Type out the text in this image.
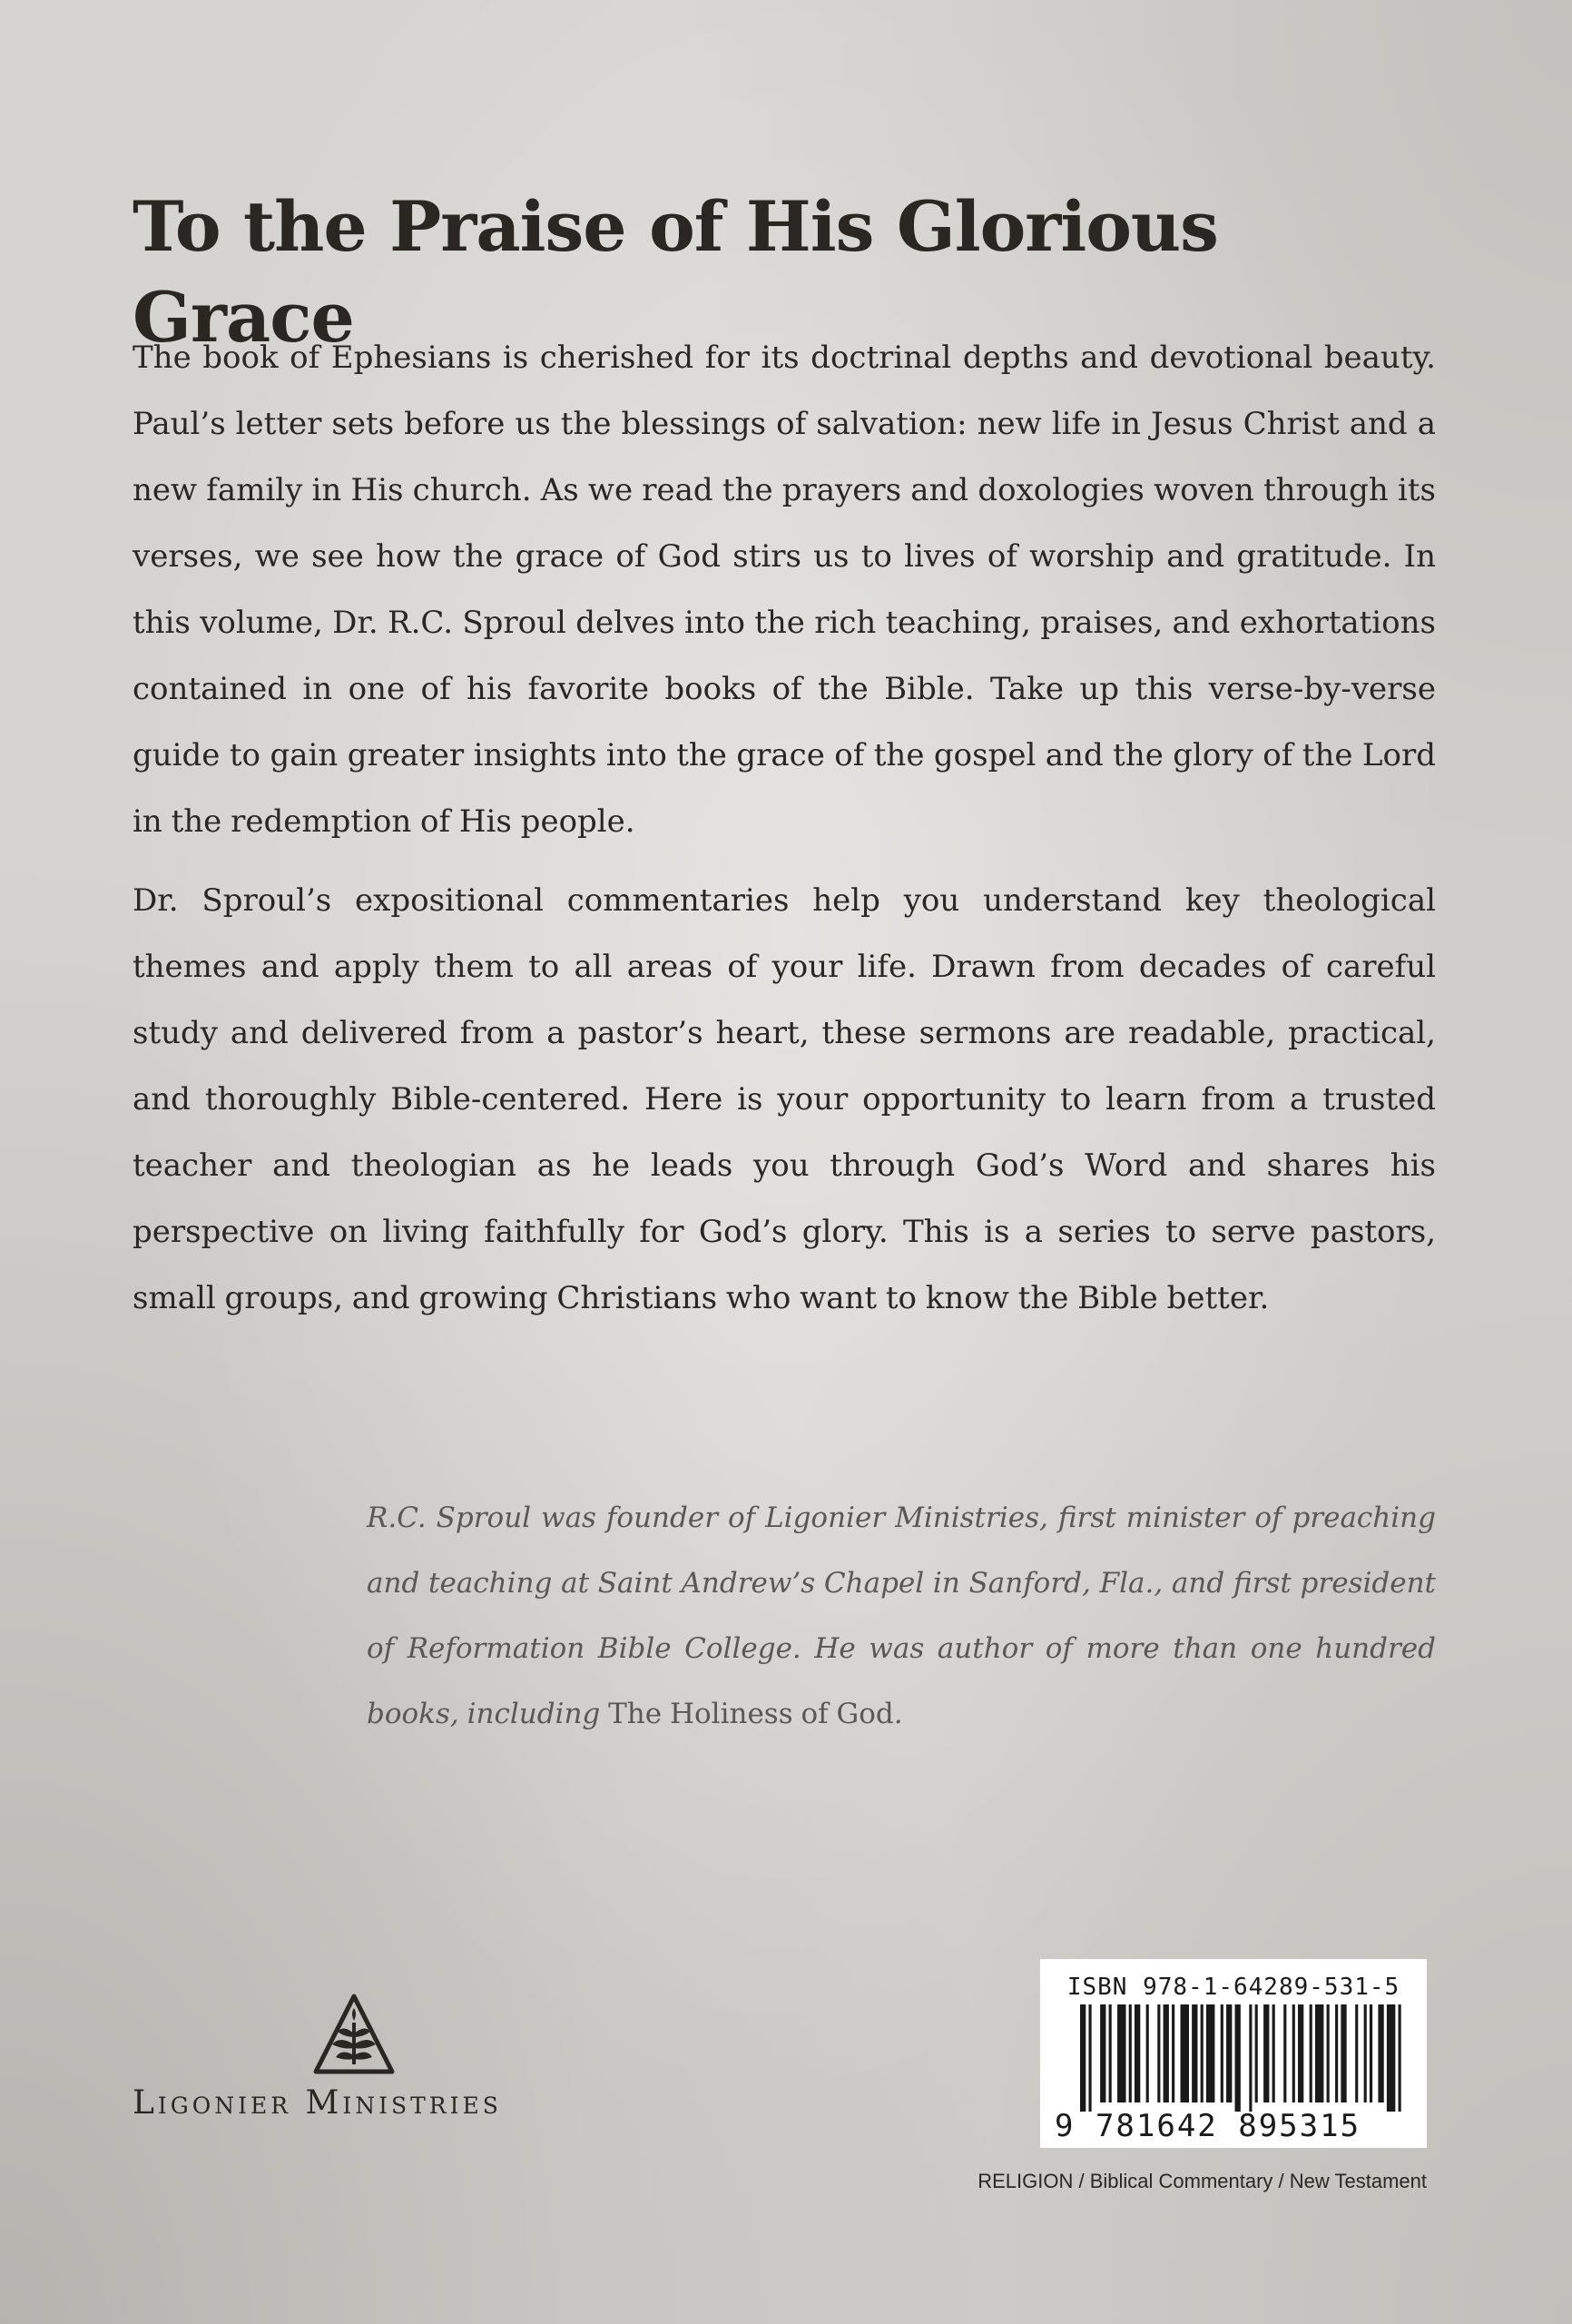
To the Praise of His Glorious Grace

The book of Ephesians is cherished for its doctrinal depths and devotional beauty. Paul’s letter sets before us the blessings of salvation: new life in Jesus Christ and a new family in His church. As we read the prayers and doxologies woven through its verses, we see how the grace of God stirs us to lives of worship and gratitude. In this volume, Dr. R.C. Sproul delves into the rich teaching, praises, and exhortations contained in one of his favorite books of the Bible. Take up this verse-by-verse guide to gain greater insights into the grace of the gospel and the glory of the Lord in the redemption of His people.

Dr. Sproul’s expositional commentaries help you understand key theological themes and apply them to all areas of your life. Drawn from decades of careful study and delivered from a pastor’s heart, these sermons are readable, practical, and thoroughly Bible-centered. Here is your opportunity to learn from a trusted teacher and theologian as he leads you through God’s Word and shares his perspective on living faithfully for God’s glory. This is a series to serve pastors, small groups, and growing Christians who want to know the Bible better.

R.C. Sproul was founder of Ligonier Ministries, first minister of preaching and teaching at Saint Andrew’s Chapel in Sanford, Fla., and first president of Reformation Bible College. He was author of more than one hundred books, including The Holiness of God.

Ligonier Ministries
ISBN 978-1-64289-531-5
9 781642 895315
RELIGION / Biblical Commentary / New Testament
